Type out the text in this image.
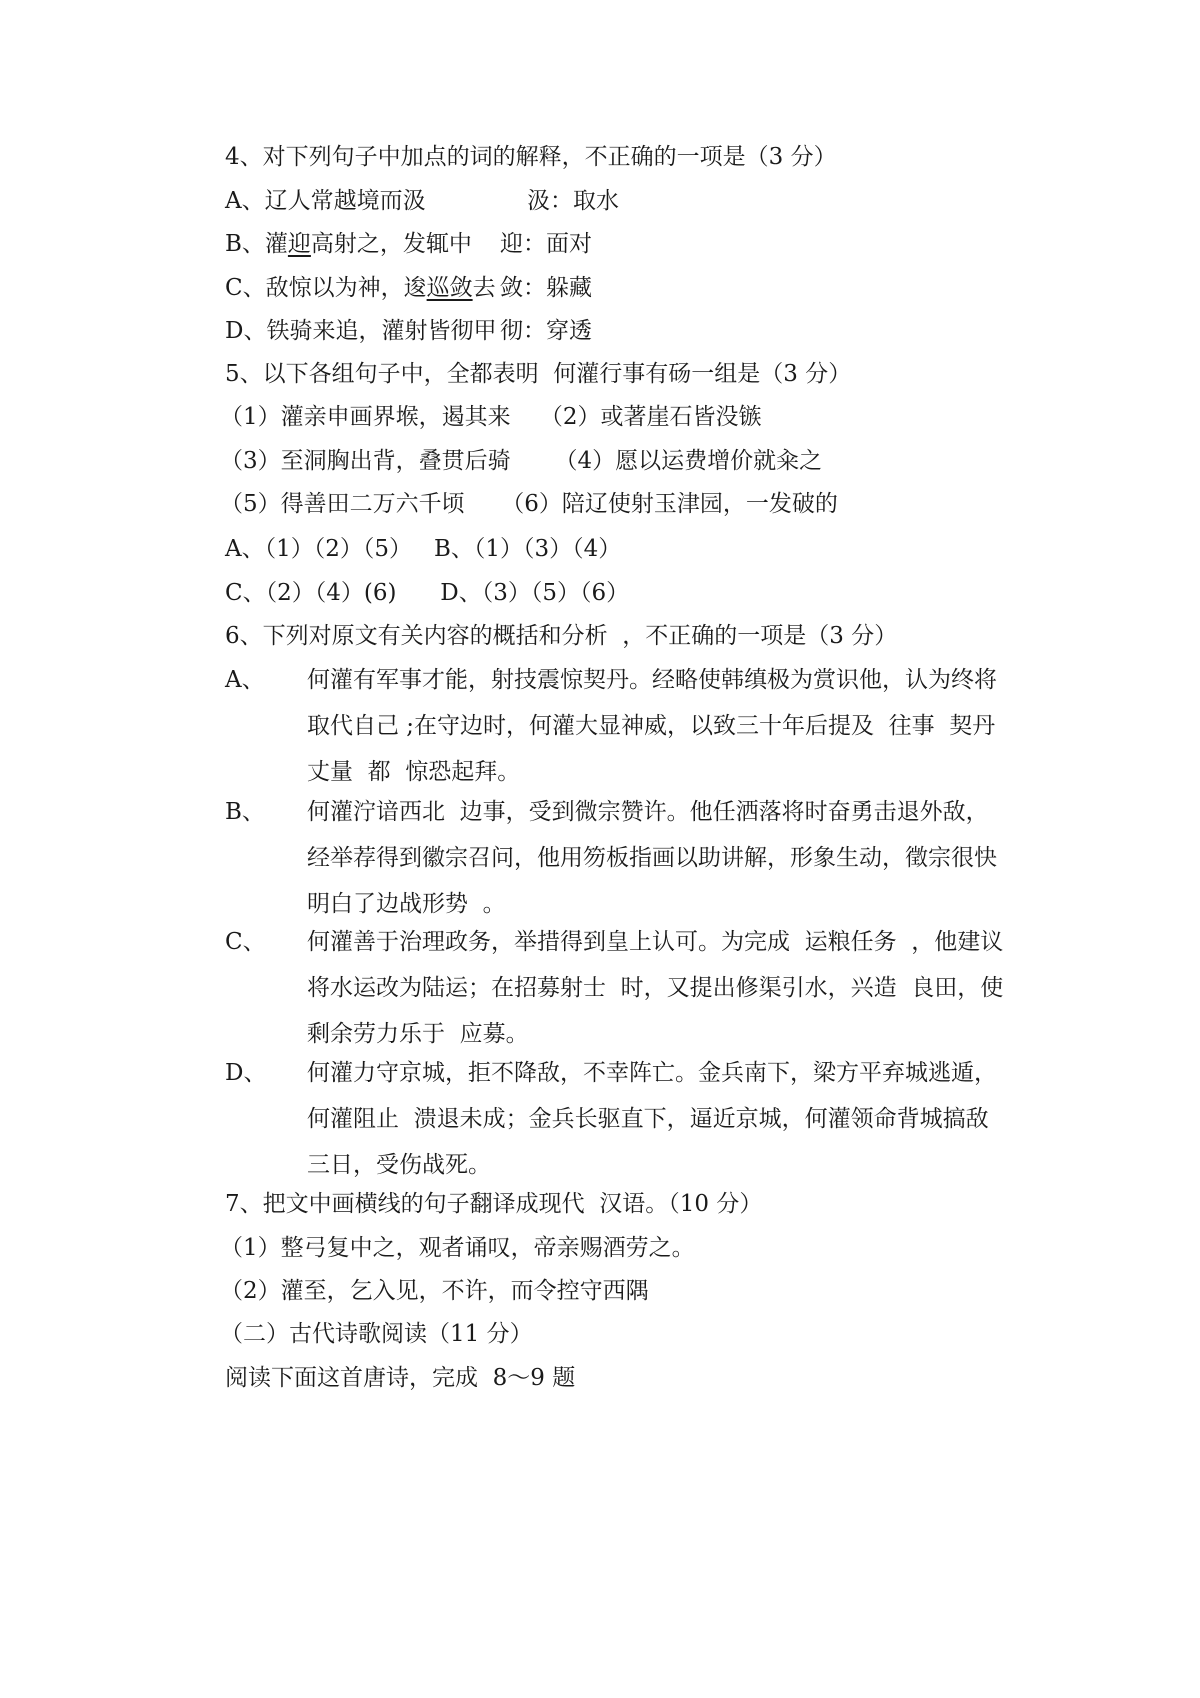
4、对下列句子中加点的词的解释，不正确的一项是（3 分）
A、辽人常越境而汲	汲：取水
B、灌迎高射之，发辄中 迎：面对
C、敌惊以为神，逡巡敛去 敛：躲藏
D、铁骑来追，灌射皆彻甲 彻：穿透
5、以下各组句子中，全都表明  何灌行事有砀一组是（3 分）
（1）灌亲申画界堠，遏其来    （2）或著崖石皆没镞
（3）至洞胸出背，叠贯后骑      （4）愿以运费增价就籴之
（5）得善田二万六千顷     （6）陪辽使射玉津园，一发破的
A、（1）（2）（5）   B、（1）（3）（4）
C、（2）（4）(6)      D、（3）（5）（6）
6、下列对原文有关内容的概括和分析  ，不正确的一项是（3 分）
A、 何灌有军事才能，射技震惊契丹。经略使韩缜极为赏识他，认为终将
取代自己 ;在守边时，何灌大显神威，以致三十年后提及  往事  契丹
丈量  都  惊恐起拜。
B、 何灌泞谙西北  边事，受到微宗赞许。他任洒落将时奋勇击退外敌，
经举荐得到徽宗召问，他用笏板指画以助讲解，形象生动，徵宗很快
明白了边战形势  。
C、 何灌善于治理政务，举措得到皇上认可。为完成  运粮任务  ，他建议
将水运改为陆运；在招募射士  时，又提出修渠引水，兴造  良田，使
剩余劳力乐于  应募。
D、 何灌力守京城，拒不降敌，不幸阵亡。金兵南下，梁方平弃城逃遁，
何灌阻止  溃退未成；金兵长驱直下，逼近京城，何灌领命背城搞敌
三日，受伤战死。
7、把文中画横线的句子翻译成现代  汉语。（10 分）
（1）整弓复中之，观者诵叹，帝亲赐酒劳之。
（2）灌至，乞入见，不许，而令控守西隅
（二）古代诗歌阅读（11 分）
阅读下面这首唐诗，完成  8～9 题
